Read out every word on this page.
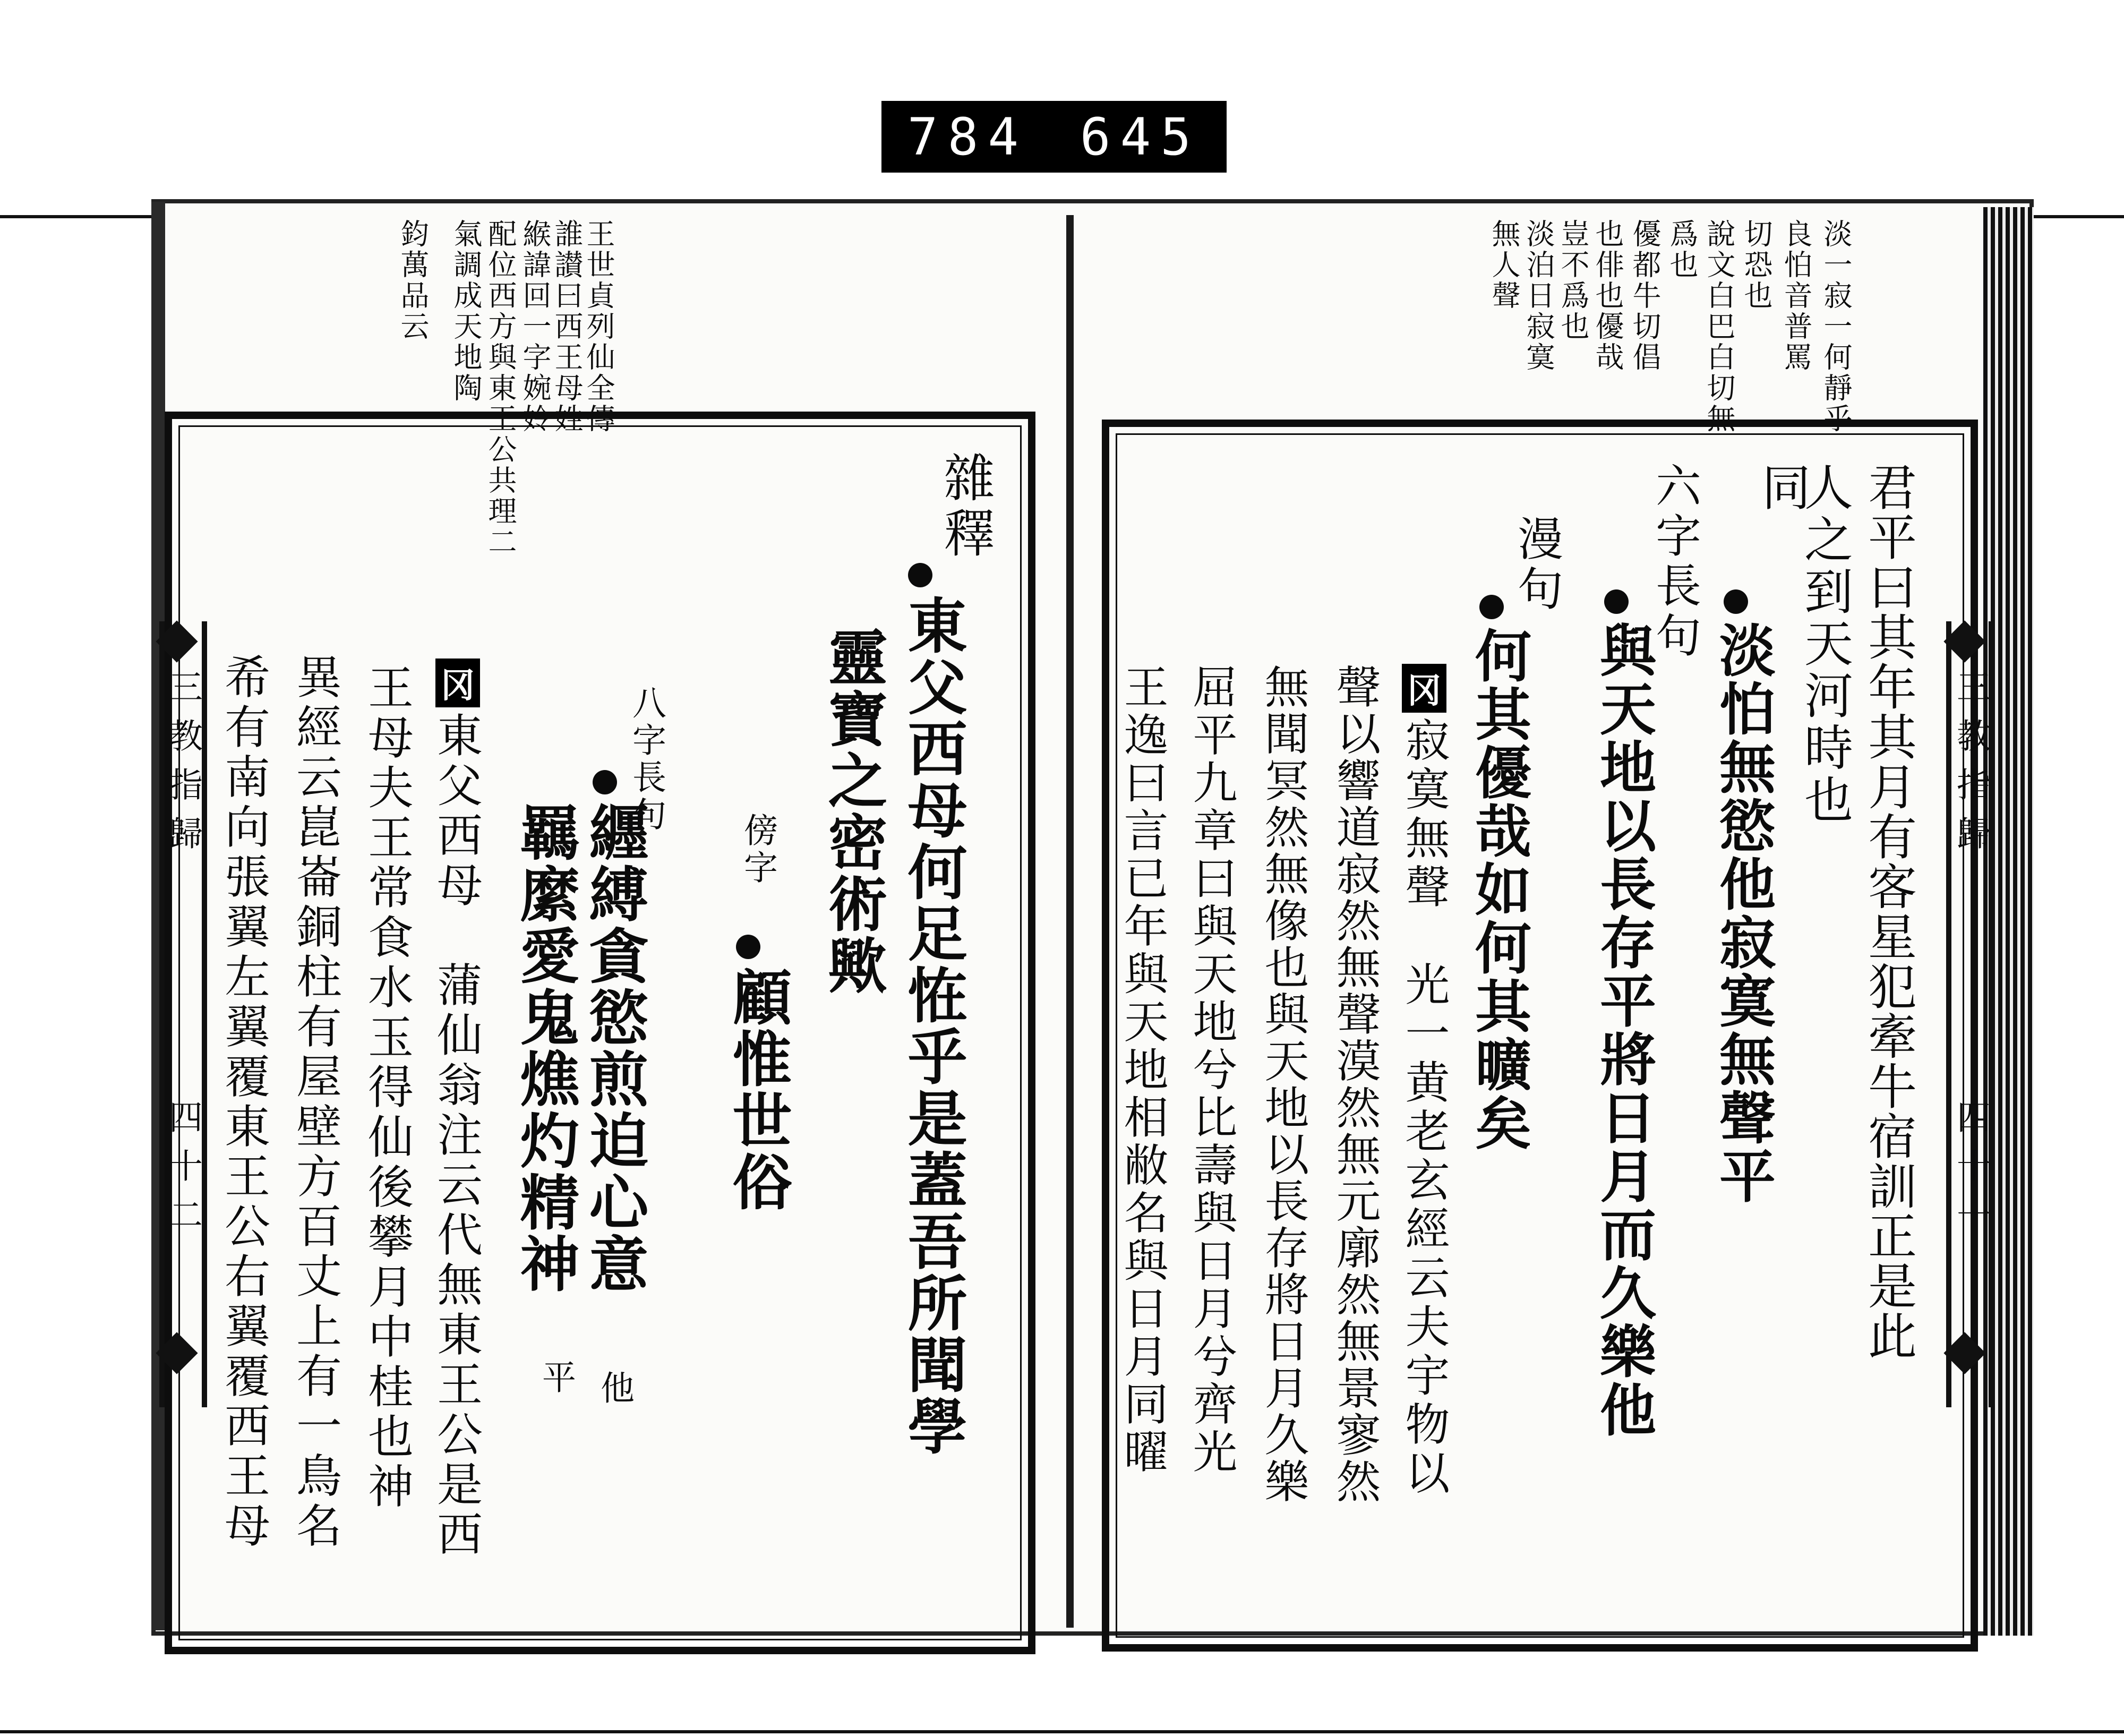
784 645
王世貞列仙全傳
誰讃曰西王母姓
緱諱回一字婉姈
配位西方與東王公共理二
氣調成天地陶
鈞萬品云
雜釋
東父西母何足恠乎是蓋吾所聞學
靈寶之密術歟
傍字
顧惟世俗
八字長句
纒縛貪慾煎迫心意
羈縻愛鬼燋灼精神
他
平
冈
東父西母　蒲仙翁注云代無東王公是西
王母夫王常食水玉得仙後攀月中桂也神
異經云崑崙銅柱有屋壁方百丈上有一鳥名
希有南向張翼左翼覆東王公右翼覆西王母
三教指歸
四十二
淡一寂一何靜乎
良怕音普罵
切恐也
說文白巴白切無
爲也
優都牛切倡
也俳也優哉
豈不爲也
淡泊日寂寞
無人聲
君平曰其年其月有客星犯牽牛宿訓正是此
人之到天河時也
同
淡怕無慾他寂寞無聲平
六字長句
與天地以長存平將日月而久樂他
漫句
何其優哉如何其曠矣
冈
寂寞無聲　光一黄老玄經云夫宇物以
聲以響道寂然無聲漠然無元廓然無景寥然
無聞冥然無像也與天地以長存將日月久樂
屈平九章曰與天地兮比壽與日月兮齊光
王逸曰言已年與天地相敝名與日月同曜	三教指歸
四十一
